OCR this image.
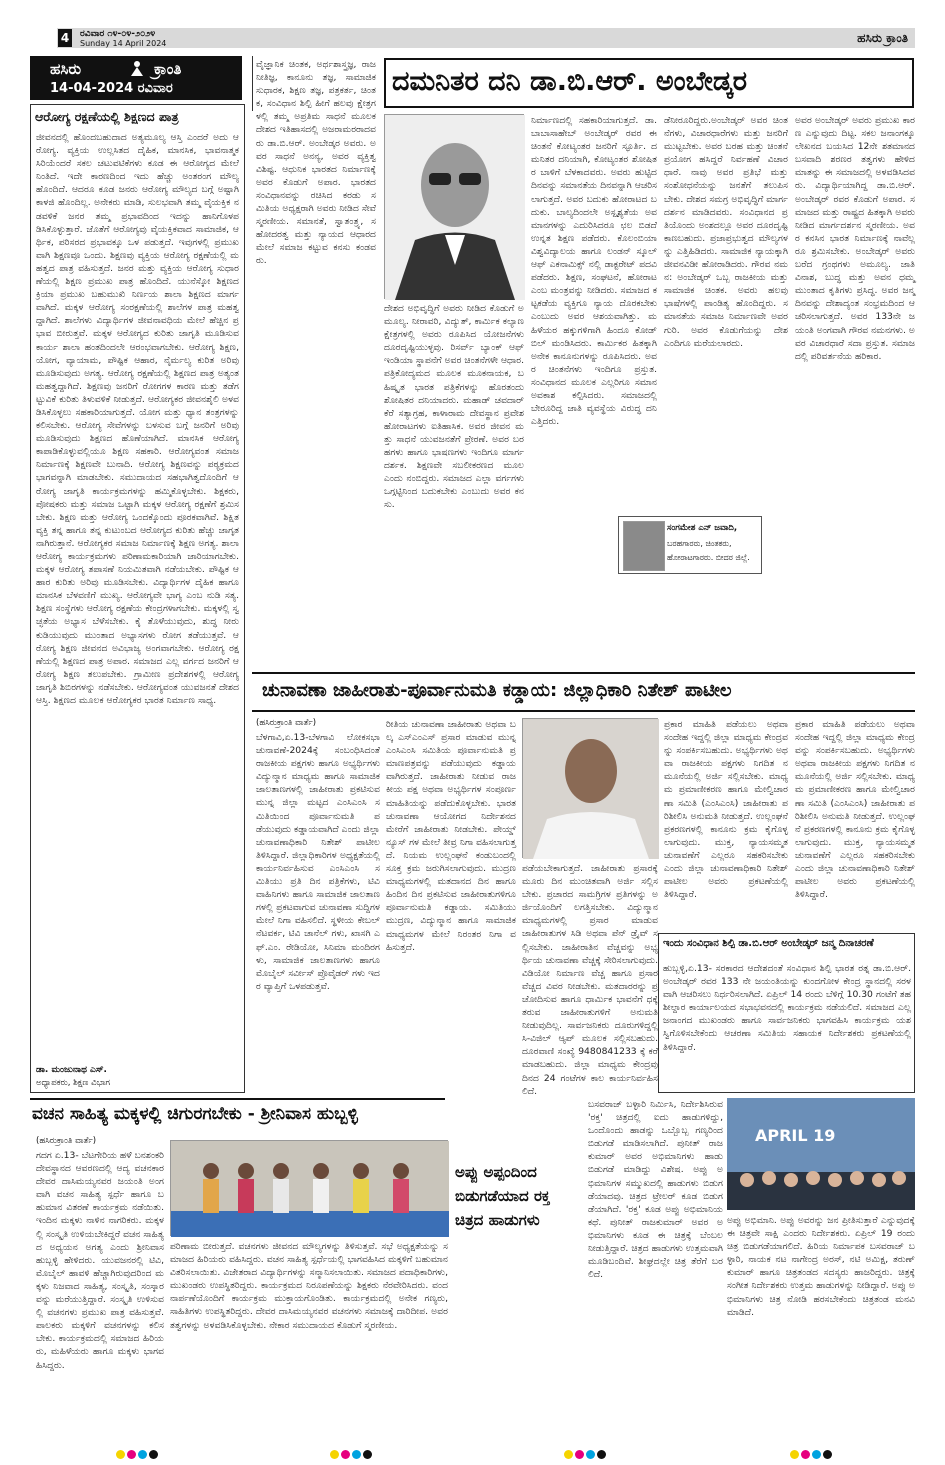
4	ರವಿವಾರ ೧೪-೦೪-೨೦೨೪
Sunday 14 April 2024	ಹಸಿರು ಕ್ರಾಂತಿ
ಹಸಿರು	ಕ್ರಾಂತಿ
14-04-2024 ರವಿವಾರ
ಆರೋಗ್ಯ ರಕ್ಷಣೆಯಲ್ಲಿ ಶಿಕ್ಷಣದ ಪಾತ್ರ
ಜೀವನದಲ್ಲಿ ಹೊಂದಬಹುದಾದ ಅತ್ಯಮೂಲ್ಯ ಆಸ್ತಿ ಎಂದರೆ ಅದು ಆರೋಗ್ಯ. ವ್ಯಕ್ತಿಯ ಉಲ್ಲಸಿತದ ದೈಹಿಕ, ಮಾನಸಿಕ, ಭಾವನಾತ್ಮಕ ಸಿರಿಯೆಂದರೆ ಸಕಲ ಚಟುವಟಿಕೆಗಳು ಕೂಡ ಈ ಆರೋಗ್ಯದ ಮೇಲೆ ನಿಂತಿದೆ. ಇದೇ ಕಾರಣದಿಂದ ಇದು ಹೆಚ್ಚು ಅಂತರಂಗ ಮೌಲ್ಯ ಹೊಂದಿದೆ. ಆದರೂ ಕೂಡ ಜನರು ಆರೋಗ್ಯ ಮೌಲ್ಯದ ಬಗ್ಗೆ ಅಷ್ಟಾಗಿ ಕಾಳಜಿ ಹೊಂದಿಲ್ಲ. ಅನೇಕರು ಮಾಡಿ, ಸುಲಭವಾಗಿ ತಮ್ಮ ವೈಯಕ್ತಿಕ ನಡವಳಿಕೆ ಜನರ ತಮ್ಮ ಪ್ರಭಾವದಿಂದ ಇದನ್ನು ಹಾನಿಗೊಳಪಡಿಸಿಕೊಳ್ಳುತ್ತಾರೆ. ಜೊತೆಗೆ ಆರೋಗ್ಯವು ವೈಯಕ್ತಿಕವಾದ ಸಾಮಾಜಿಕ, ಆರ್ಥಿಕ, ಪರಿಸರದ ಪ್ರಭಾವಕ್ಕೂ ಒಳ ಪಡುತ್ತದೆ. ಇವುಗಳಲ್ಲಿ ಪ್ರಮುಖವಾಗಿ ಶಿಕ್ಷಣವೂ ಒಂದು. ಶಿಕ್ಷಣವು ವ್ಯಕ್ತಿಯ ಆರೋಗ್ಯ ರಕ್ಷಣೆಯಲ್ಲಿ ಮಹತ್ವದ ಪಾತ್ರ ವಹಿಸುತ್ತದೆ. ಜನರ ಮತ್ತು ವ್ಯಕ್ತಿಯ ಆರೋಗ್ಯ ಸುಧಾರಣೆಯಲ್ಲಿ ಶಿಕ್ಷಣ ಪ್ರಮುಖ ಪಾತ್ರ ಹೊಂದಿದೆ. ಯುನೆಸ್ಕೋ ಶಿಕ್ಷಣದ ಕ್ರಿಯಾ ಪ್ರಮುಖ ಬಹುಮುಖಿ ನಿರ್ಣಯ ಶಾಲಾ ಶಿಕ್ಷಣದ ಮಾರ್ಗವಾಗಿದೆ. ಮಕ್ಕಳ ಆರೋಗ್ಯ ಸಂರಕ್ಷಣೆಯಲ್ಲಿ ಶಾಲೆಗಳ ಪಾತ್ರ ಮಹತ್ವದ್ದಾಗಿದೆ. ಶಾಲೆಗಳು ವಿದ್ಯಾರ್ಥಿಗಳ ಜೀವನಾವಧಿಯ ಮೇಲೆ ಹೆಚ್ಚಿನ ಪ್ರಭಾವ ಬೀರುತ್ತವೆ. ಮಕ್ಕಳ ಆರೋಗ್ಯದ ಕುರಿತು ಜಾಗೃತಿ ಮೂಡಿಸುವ ಕಾರ್ಯ ಶಾಲಾ ಹಂತದಿಂದಲೇ ಆರಂಭವಾಗಬೇಕು. ಆರೋಗ್ಯ ಶಿಕ್ಷಣ, ಯೋಗ, ವ್ಯಾಯಾಮ, ಪೌಷ್ಟಿಕ ಆಹಾರ, ನೈರ್ಮಲ್ಯ ಕುರಿತ ಅರಿವು ಮೂಡಿಸುವುದು ಅಗತ್ಯ. ಆರೋಗ್ಯ ರಕ್ಷಣೆಯಲ್ಲಿ ಶಿಕ್ಷಣದ ಪಾತ್ರ ಅತ್ಯಂತ ಮಹತ್ವದ್ದಾಗಿದೆ. ಶಿಕ್ಷಣವು ಜನರಿಗೆ ರೋಗಗಳ ಕಾರಣ ಮತ್ತು ತಡೆಗಟ್ಟುವಿಕೆ ಕುರಿತು ತಿಳುವಳಿಕೆ ನೀಡುತ್ತದೆ. ಆರೋಗ್ಯಕರ ಜೀವನಶೈಲಿ ಅಳವಡಿಸಿಕೊಳ್ಳಲು ಸಹಕಾರಿಯಾಗುತ್ತದೆ. ಯೋಗ ಮತ್ತು ಧ್ಯಾನ ತಂತ್ರಗಳನ್ನು ಕಲಿಸಬೇಕು. ಆರೋಗ್ಯ ಸೇವೆಗಳನ್ನು ಬಳಸುವ ಬಗ್ಗೆ ಜನರಿಗೆ ಅರಿವು ಮೂಡಿಸುವುದು ಶಿಕ್ಷಣದ ಹೊಣೆಯಾಗಿದೆ. ಮಾನಸಿಕ ಆರೋಗ್ಯ ಕಾಪಾಡಿಕೊಳ್ಳುವಲ್ಲಿಯೂ ಶಿಕ್ಷಣ ಸಹಕಾರಿ. ಆರೋಗ್ಯವಂತ ಸಮಾಜ ನಿರ್ಮಾಣಕ್ಕೆ ಶಿಕ್ಷಣವೇ ಬುನಾದಿ. ಆರೋಗ್ಯ ಶಿಕ್ಷಣವನ್ನು ಪಠ್ಯಕ್ರಮದ ಭಾಗವನ್ನಾಗಿ ಮಾಡಬೇಕು. ಸಮುದಾಯದ ಸಹಭಾಗಿತ್ವದೊಂದಿಗೆ ಆರೋಗ್ಯ ಜಾಗೃತಿ ಕಾರ್ಯಕ್ರಮಗಳನ್ನು ಹಮ್ಮಿಕೊಳ್ಳಬೇಕು. ಶಿಕ್ಷಕರು, ಪೋಷಕರು ಮತ್ತು ಸಮಾಜ ಒಟ್ಟಾಗಿ ಮಕ್ಕಳ ಆರೋಗ್ಯ ರಕ್ಷಣೆಗೆ ಶ್ರಮಿಸಬೇಕು. ಶಿಕ್ಷಣ ಮತ್ತು ಆರೋಗ್ಯ ಒಂದಕ್ಕೊಂದು ಪೂರಕವಾಗಿವೆ. ಶಿಕ್ಷಿತ ವ್ಯಕ್ತಿ ತನ್ನ ಹಾಗೂ ತನ್ನ ಕುಟುಂಬದ ಆರೋಗ್ಯದ ಕುರಿತು ಹೆಚ್ಚು ಜಾಗೃತನಾಗಿರುತ್ತಾನೆ. ಆರೋಗ್ಯಕರ ಸಮಾಜ ನಿರ್ಮಾಣಕ್ಕೆ ಶಿಕ್ಷಣ ಅಗತ್ಯ. ಶಾಲಾ ಆರೋಗ್ಯ ಕಾರ್ಯಕ್ರಮಗಳು ಪರಿಣಾಮಕಾರಿಯಾಗಿ ಜಾರಿಯಾಗಬೇಕು. ಮಕ್ಕಳ ಆರೋಗ್ಯ ತಪಾಸಣೆ ನಿಯಮಿತವಾಗಿ ನಡೆಯಬೇಕು. ಪೌಷ್ಟಿಕ ಆಹಾರ ಕುರಿತು ಅರಿವು ಮೂಡಿಸಬೇಕು. ವಿದ್ಯಾರ್ಥಿಗಳ ದೈಹಿಕ ಹಾಗೂ ಮಾನಸಿಕ ಬೆಳವಣಿಗೆ ಮುಖ್ಯ. ಆರೋಗ್ಯವೇ ಭಾಗ್ಯ ಎಂಬ ನುಡಿ ಸತ್ಯ. ಶಿಕ್ಷಣ ಸಂಸ್ಥೆಗಳು ಆರೋಗ್ಯ ರಕ್ಷಣೆಯ ಕೇಂದ್ರಗಳಾಗಬೇಕು. ಮಕ್ಕಳಲ್ಲಿ ಸ್ವಚ್ಛತೆಯ ಅಭ್ಯಾಸ ಬೆಳೆಸಬೇಕು. ಕೈ ತೊಳೆಯುವುದು, ಶುದ್ಧ ನೀರು ಕುಡಿಯುವುದು ಮುಂತಾದ ಅಭ್ಯಾಸಗಳು ರೋಗ ತಡೆಯುತ್ತವೆ. ಆರೋಗ್ಯ ಶಿಕ್ಷಣ ಜೀವನದ ಅವಿಭಾಜ್ಯ ಅಂಗವಾಗಬೇಕು. ಆರೋಗ್ಯ ರಕ್ಷಣೆಯಲ್ಲಿ ಶಿಕ್ಷಣದ ಪಾತ್ರ ಅಪಾರ. ಸಮಾಜದ ಎಲ್ಲ ವರ್ಗದ ಜನರಿಗೆ ಆರೋಗ್ಯ ಶಿಕ್ಷಣ ತಲುಪಬೇಕು. ಗ್ರಾಮೀಣ ಪ್ರದೇಶಗಳಲ್ಲಿ ಆರೋಗ್ಯ ಜಾಗೃತಿ ಶಿಬಿರಗಳನ್ನು ನಡೆಸಬೇಕು. ಆರೋಗ್ಯವಂತ ಯುವಜನತೆ ದೇಶದ ಆಸ್ತಿ. ಶಿಕ್ಷಣದ ಮೂಲಕ ಆರೋಗ್ಯಕರ ಭಾರತ ನಿರ್ಮಾಣ ಸಾಧ್ಯ.
ಡಾ. ಮಂಜುನಾಥ ಎಸ್.
ಅಧ್ಯಾಪಕರು, ಶಿಕ್ಷಣ ವಿಭಾಗ
ವೈಜ್ಞಾನಿಕ ಚಿಂತಕ, ಅರ್ಥಶಾಸ್ತ್ರಜ್ಞ, ರಾಜನೀತಿಜ್ಞ, ಕಾನೂನು ತಜ್ಞ, ಸಾಮಾಜಿಕ ಸುಧಾರಕ, ಶಿಕ್ಷಣ ತಜ್ಞ, ಪತ್ರಕರ್ತ, ಚಿಂತಕ, ಸಂವಿಧಾನ ಶಿಲ್ಪಿ ಹೀಗೆ ಹಲವು ಕ್ಷೇತ್ರಗಳಲ್ಲಿ ತಮ್ಮ ಅಪ್ರತಿಮ ಸಾಧನೆ ಮೂಲಕ ದೇಶದ ಇತಿಹಾಸದಲ್ಲಿ ಅಜರಾಮರರಾದವರು ಡಾ.ಬಿ.ಆರ್. ಅಂಬೇಡ್ಕರ ಅವರು. ಅವರ ಸಾಧನೆ ಅನನ್ಯ, ಅವರ ವ್ಯಕ್ತಿತ್ವ ವಿಶಿಷ್ಟ. ಆಧುನಿಕ ಭಾರತದ ನಿರ್ಮಾಣಕ್ಕೆ ಅವರ ಕೊಡುಗೆ ಅಪಾರ. ಭಾರತದ ಸಂವಿಧಾನವನ್ನು ರಚಿಸಿದ ಕರಡು ಸಮಿತಿಯ ಅಧ್ಯಕ್ಷರಾಗಿ ಅವರು ನೀಡಿದ ಸೇವೆ ಸ್ಮರಣೀಯ. ಸಮಾನತೆ, ಸ್ವಾತಂತ್ರ್ಯ, ಸಹೋದರತ್ವ ಮತ್ತು ನ್ಯಾಯದ ಆಧಾರದ ಮೇಲೆ ಸಮಾಜ ಕಟ್ಟುವ ಕನಸು ಕಂಡವರು.
ದಮನಿತರ ದನಿ ಡಾ.ಬಿ.ಆರ್. ಅಂಬೇಡ್ಕರ
ನಿರ್ಮಾಣದಲ್ಲಿ ಸಹಕಾರಿಯಾಗುತ್ತದೆ. ಡಾ. ಬಾಬಾಸಾಹೇಬ್ ಅಂಬೇಡ್ಕರ್ ರವರ ಈ ಚಿಂತನೆ ಕೋಟ್ಯಂತರ ಜನರಿಗೆ ಸ್ಫೂರ್ತಿ. ದಮನಿತರ ದನಿಯಾಗಿ, ಕೋಟ್ಯಂತರ ಶೋಷಿತರ ಬಾಳಿಗೆ ಬೆಳಕಾದವರು. ಅವರು ಹುಟ್ಟಿದ ದಿನವನ್ನು ಸಮಾನತೆಯ ದಿನವನ್ನಾಗಿ ಆಚರಿಸಲಾಗುತ್ತದೆ. ಅವರ ಬದುಕು ಹೋರಾಟದ ಬದುಕು. ಬಾಲ್ಯದಿಂದಲೇ ಅಸ್ಪೃಶ್ಯತೆಯ ಅವಮಾನಗಳನ್ನು ಎದುರಿಸಿದರೂ ಛಲ ಬಿಡದೆ ಉನ್ನತ ಶಿಕ್ಷಣ ಪಡೆದರು. ಕೊಲಂಬಿಯಾ ವಿಶ್ವವಿದ್ಯಾಲಯ ಹಾಗೂ ಲಂಡನ್ ಸ್ಕೂಲ್ ಆಫ್ ಎಕನಾಮಿಕ್ಸ್ ನಲ್ಲಿ ಡಾಕ್ಟರೇಟ್ ಪದವಿ ಪಡೆದರು. ಶಿಕ್ಷಣ, ಸಂಘಟನೆ, ಹೋರಾಟ ಎಂಬ ಮಂತ್ರವನ್ನು ನೀಡಿದರು. ಸಮಾಜದ ಕಟ್ಟಕಡೆಯ ವ್ಯಕ್ತಿಗೂ ನ್ಯಾಯ ದೊರಕಬೇಕು ಎಂಬುದು ಅವರ ಆಶಯವಾಗಿತ್ತು. ಮಹಿಳೆಯರ ಹಕ್ಕುಗಳಿಗಾಗಿ ಹಿಂದೂ ಕೋಡ್ ಬಿಲ್ ಮಂಡಿಸಿದರು. ಕಾರ್ಮಿಕರ ಹಿತಕ್ಕಾಗಿ ಅನೇಕ ಕಾನೂನುಗಳನ್ನು ರೂಪಿಸಿದರು. ಅವರ ಚಿಂತನೆಗಳು ಇಂದಿಗೂ ಪ್ರಸ್ತುತ. ಸಂವಿಧಾನದ ಮೂಲಕ ಎಲ್ಲರಿಗೂ ಸಮಾನ ಅವಕಾಶ ಕಲ್ಪಿಸಿದರು. ಸಮಾಜದಲ್ಲಿ ಬೇರೂರಿದ್ದ ಜಾತಿ ವ್ಯವಸ್ಥೆಯ ವಿರುದ್ಧ ದನಿ ಎತ್ತಿದರು.
ದೇಶದ ಅಭಿವೃದ್ಧಿಗೆ ಅವರು ನೀಡಿದ ಕೊಡುಗೆ ಅಮೂಲ್ಯ. ನೀರಾವರಿ, ವಿದ್ಯುತ್, ಕಾರ್ಮಿಕ ಕಲ್ಯಾಣ ಕ್ಷೇತ್ರಗಳಲ್ಲಿ ಅವರು ರೂಪಿಸಿದ ಯೋಜನೆಗಳು ದೂರದೃಷ್ಟಿಯುಳ್ಳವು. ರಿಸರ್ವ್ ಬ್ಯಾಂಕ್ ಆಫ್ ಇಂಡಿಯಾ ಸ್ಥಾಪನೆಗೆ ಅವರ ಚಿಂತನೆಗಳೇ ಆಧಾರ. ಪತ್ರಿಕೋದ್ಯಮದ ಮೂಲಕ ಮೂಕನಾಯಕ, ಬಹಿಷ್ಕೃತ ಭಾರತ ಪತ್ರಿಕೆಗಳನ್ನು ಹೊರತಂದು ಶೋಷಿತರ ದನಿಯಾದರು. ಮಹಾಡ್ ಚವದಾರ್ ಕೆರೆ ಸತ್ಯಾಗ್ರಹ, ಕಾಳಾರಾಮ ದೇವಸ್ಥಾನ ಪ್ರವೇಶ ಹೋರಾಟಗಳು ಐತಿಹಾಸಿಕ. ಅವರ ಜೀವನ ಮತ್ತು ಸಾಧನೆ ಯುವಜನತೆಗೆ ಪ್ರೇರಣೆ. ಅವರ ಬರಹಗಳು ಹಾಗೂ ಭಾಷಣಗಳು ಇಂದಿಗೂ ಮಾರ್ಗದರ್ಶಕ. ಶಿಕ್ಷಣವೇ ಸಬಲೀಕರಣದ ಮೂಲ ಎಂದು ನಂಬಿದ್ದರು. ಸಮಾಜದ ಎಲ್ಲಾ ವರ್ಗಗಳು ಒಗ್ಗಟ್ಟಿನಿಂದ ಬದುಕಬೇಕು ಎಂಬುದು ಅವರ ಕನಸು.
ಡೆನೀರೂರಿದ್ದರು.ಅಂಬೇಡ್ಕರ್ ಅವರ ಚಿಂತನೆಗಳು, ವಿಚಾರಧಾರೆಗಳು ಮತ್ತು ಜನರಿಗೆ ಮುಟ್ಟಬೇಕು. ಅವರ ಬರಹ ಮತ್ತು ಚಿಂತನೆ ಪ್ರಯೋಗ ಹಸಿದ್ದರೆ ನಿರ್ವಹಣೆ ವಿಚಾರಧಾರೆ. ನಾವು ಅವರ ಪ್ರತಿಭೆ ಮತ್ತು ಸಂಶೋಧನೆಯನ್ನು ಜನತೆಗೆ ತಲುಪಿಸಬೇಕು. ದೇಶದ ಸಮಗ್ರ ಅಭಿವೃದ್ಧಿಗೆ ಮಾರ್ಗದರ್ಶನ ಮಾಡಿದವರು. ಸಂವಿಧಾನದ ಪ್ರತಿಯೊಂದು ಅಂಶದಲ್ಲೂ ಅವರ ದೂರದೃಷ್ಟಿ ಕಾಣಬಹುದು. ಪ್ರಜಾಪ್ರಭುತ್ವದ ಮೌಲ್ಯಗಳನ್ನು ಎತ್ತಿಹಿಡಿದರು. ಸಾಮಾಜಿಕ ನ್ಯಾಯಕ್ಕಾಗಿ ಜೀವನವಿಡೀ ಹೋರಾಡಿದರು. ಗೌರವ ನಮನ: ಅಂಬೇಡ್ಕರ್ ಒಬ್ಬ ರಾಜಕೀಯ ಮತ್ತು ಸಾಮಾಜಿಕ ಚಿಂತಕ. ಅವರು ಹಲವು ಭಾಷೆಗಳಲ್ಲಿ ಪಾಂಡಿತ್ಯ ಹೊಂದಿದ್ದರು. ಸಮಾನತೆಯ ಸಮಾಜ ನಿರ್ಮಾಣವೇ ಅವರ ಗುರಿ. ಅವರ ಕೊಡುಗೆಯನ್ನು ದೇಶ ಎಂದಿಗೂ ಮರೆಯಲಾರದು.
ಅವರ ಅಂಬೇಡ್ಕರ್ ಅವರು ಪ್ರಮುಖ ಕಾರಣ ಎನ್ನುವುದು ದಿಟ್ಟ. ಸಕಲ ಜನಾಂಗಕ್ಕೂ ಲೇಖನದ ಬಯಸಿದ 12ನೇ ಶತಮಾನದ ಬಸವಾದಿ ಶರಣರ ತತ್ವಗಳು ಹೇಳಿದ ಮಾತನ್ನು ಈ ಸಮಾಜದಲ್ಲಿ ಅಳವಡಿಸಿದವರು. ವಿದ್ಯಾರ್ಥಿಯಾಗಿದ್ದ ಡಾ.ಬಿ.ಆರ್. ಅಂಬೇಡ್ಕರ್ ರವರ ಕೊಡುಗೆ ಅಪಾರ. ಸಮಾಜದ ಮತ್ತು ರಾಷ್ಟ್ರದ ಹಿತಕ್ಕಾಗಿ ಅವರು ನೀಡಿದ ಮಾರ್ಗದರ್ಶನ ಸ್ಮರಣೀಯ. ಅವರ ಕನಸಿನ ಭಾರತ ನಿರ್ಮಾಣಕ್ಕೆ ನಾವೆಲ್ಲರೂ ಶ್ರಮಿಸಬೇಕು. ಅಂಬೇಡ್ಕರ್ ಅವರು ಬರೆದ ಗ್ರಂಥಗಳು ಅಮೂಲ್ಯ. ಜಾತಿ ವಿನಾಶ, ಬುದ್ಧ ಮತ್ತು ಅವನ ಧಮ್ಮ ಮುಂತಾದ ಕೃತಿಗಳು ಪ್ರಸಿದ್ಧ. ಅವರ ಜನ್ಮದಿನವನ್ನು ದೇಶಾದ್ಯಂತ ಸಂಭ್ರಮದಿಂದ ಆಚರಿಸಲಾಗುತ್ತದೆ. ಅವರ 133ನೇ ಜಯಂತಿ ಅಂಗವಾಗಿ ಗೌರವ ನಮನಗಳು. ಅವರ ವಿಚಾರಧಾರೆ ಸದಾ ಪ್ರಸ್ತುತ. ಸಮಾಜದಲ್ಲಿ ಪರಿವರ್ತನೆಯ ಹರಿಕಾರ.
ಸಂಗಮೇಶ ಎನ್ ಜವಾದಿ,
ಬರಹಗಾರರು, ಚಿಂತಕರು,
ಹೋರಾಟಗಾರರು. ಬೀದರ ಜಿಲ್ಲೆ.
ಚುನಾವಣಾ ಜಾಹೀರಾತು-ಪೂರ್ವಾನುಮತಿ ಕಡ್ಡಾಯ: ಜಿಲ್ಲಾಧಿಕಾರಿ ನಿತೇಶ್ ಪಾಟೀಲ
(ಹಸಿರುಕ್ರಾಂತಿ ವಾರ್ತೆ)
ಬೆಳಗಾವಿ,ಏ.13-ಬೆಳಗಾವಿ ಲೋಕಸಭಾ ಚುನಾವಣೆ-2024ಕ್ಕೆ ಸಂಬಂಧಿಸಿದಂತೆ ರಾಜಕೀಯ ಪಕ್ಷಗಳು ಹಾಗೂ ಅಭ್ಯರ್ಥಿಗಳು ವಿದ್ಯುನ್ಮಾನ ಮಾಧ್ಯಮ ಹಾಗೂ ಸಾಮಾಜಿಕ ಜಾಲತಾಣಗಳಲ್ಲಿ ಜಾಹೀರಾತು ಪ್ರಕಟಿಸುವ ಮುನ್ನ ಜಿಲ್ಲಾ ಮಟ್ಟದ ಎಂಸಿಎಂಸಿ ಸಮಿತಿಯಿಂದ ಪೂರ್ವಾನುಮತಿ ಪಡೆಯುವುದು ಕಡ್ಡಾಯವಾಗಿದೆ ಎಂದು ಜಿಲ್ಲಾ ಚುನಾವಣಾಧಿಕಾರಿ ನಿತೇಶ್ ಪಾಟೀಲ ತಿಳಿಸಿದ್ದಾರೆ. ಜಿಲ್ಲಾಧಿಕಾರಿಗಳ ಅಧ್ಯಕ್ಷತೆಯಲ್ಲಿ ಕಾರ್ಯನಿರ್ವಹಿಸುವ ಎಂಸಿಎಂಸಿ ಸಮಿತಿಯು ಪ್ರತಿ ದಿನ ಪತ್ರಿಕೆಗಳು, ಟಿವಿ ವಾಹಿನಿಗಳು ಹಾಗೂ ಸಾಮಾಜಿಕ ಜಾಲತಾಣಗಳಲ್ಲಿ ಪ್ರಕಟವಾಗುವ ಚುನಾವಣಾ ಸುದ್ದಿಗಳ ಮೇಲೆ ನಿಗಾ ವಹಿಸಲಿದೆ. ಸ್ಥಳೀಯ ಕೇಬಲ್ ನೆಟವರ್ಕ, ಟಿವಿ ಚಾನೆಲ್ ಗಳು, ಖಾಸಗಿ ಎಫ್.ಎಂ. ರೇಡಿಯೋ, ಸಿನಿಮಾ ಮಂದಿರಗಳು, ಸಾಮಾಜಿಕ ಜಾಲತಾಣಗಳು ಹಾಗೂ ಮೊಬೈಲ್ ಸರ್ವೀಸ್ ಪ್ರೊವೈಡರ್ ಗಳು ಇದರ ವ್ಯಾಪ್ತಿಗೆ ಒಳಪಡುತ್ತವೆ.
ರೀತಿಯ ಚುನಾವಣಾ ಜಾಹೀರಾತು ಅಥವಾ ಬಲ್ಕ ಎಸ್ಎಂಎಸ್ ಪ್ರಸಾರ ಮಾಡುವ ಮುನ್ನ ಎಂಸಿಎಂಸಿ ಸಮಿತಿಯ ಪೂರ್ವಾನುಮತಿ ಪ್ರಮಾಣಪತ್ರವನ್ನು ಪಡೆಯುವುದು ಕಡ್ಡಾಯವಾಗಿರುತ್ತದೆ. ಜಾಹೀರಾತು ನೀಡುವ ರಾಜಕೀಯ ಪಕ್ಷ ಅಥವಾ ಅಭ್ಯರ್ಥಿಗಳ ಸಂಪೂರ್ಣ ಮಾಹಿತಿಯನ್ನು ಪಡೆದುಕೊಳ್ಳಬೇಕು. ಭಾರತ ಚುನಾವಣಾ ಆಯೋಗದ ನಿರ್ದೇಶನದ ಮೇರೆಗೆ ಜಾಹೀರಾತು ನೀಡಬೇಕು. ಪೇಯ್ಡ್ ನ್ಯೂಸ್ ಗಳ ಮೇಲೆ ತೀವ್ರ ನಿಗಾ ವಹಿಸಲಾಗುತ್ತದೆ. ನಿಯಮ ಉಲ್ಲಂಘನೆ ಕಂಡುಬಂದಲ್ಲಿ ಸೂಕ್ತ ಕ್ರಮ ಜರುಗಿಸಲಾಗುವುದು. ಮುದ್ರಣ ಮಾಧ್ಯಮಗಳಲ್ಲಿ ಮತದಾನದ ದಿನ ಹಾಗೂ ಹಿಂದಿನ ದಿನ ಪ್ರಕಟಿಸುವ ಜಾಹೀರಾತುಗಳಿಗೂ ಪೂರ್ವಾನುಮತಿ ಕಡ್ಡಾಯ. ಸಮಿತಿಯು ಮುದ್ರಣ, ವಿದ್ಯುನ್ಮಾನ ಹಾಗೂ ಸಾಮಾಜಿಕ ಮಾಧ್ಯಮಗಳ ಮೇಲೆ ನಿರಂತರ ನಿಗಾ ವಹಿಸುತ್ತದೆ.
ಪಡೆಯಬೇಕಾಗುತ್ತದೆ. ಜಾಹೀರಾತು ಪ್ರಸಾರಕ್ಕೆ ಮೂರು ದಿನ ಮುಂಚಿತವಾಗಿ ಅರ್ಜಿ ಸಲ್ಲಿಸಬೇಕು. ಪ್ರಚಾರದ ಸಾಮಗ್ರಿಗಳ ಪ್ರತಿಗಳನ್ನು ಅರ್ಜಿಯೊಂದಿಗೆ ಲಗತ್ತಿಸಬೇಕು. ವಿದ್ಯುನ್ಮಾನ ಮಾಧ್ಯಮಗಳಲ್ಲಿ ಪ್ರಸಾರ ಮಾಡುವ ಜಾಹೀರಾತುಗಳ ಸಿಡಿ ಅಥವಾ ಪೆನ್ ಡ್ರೈವ್ ಸಲ್ಲಿಸಬೇಕು. ಜಾಹೀರಾತಿನ ವೆಚ್ಚವನ್ನು ಅಭ್ಯರ್ಥಿಯ ಚುನಾವಣಾ ವೆಚ್ಚಕ್ಕೆ ಸೇರಿಸಲಾಗುವುದು. ವಿಡಿಯೋ ನಿರ್ಮಾಣ ವೆಚ್ಚ ಹಾಗೂ ಪ್ರಸಾರ ವೆಚ್ಚದ ವಿವರ ನೀಡಬೇಕು. ಮತದಾರರನ್ನು ಪ್ರಚೋದಿಸುವ ಹಾಗೂ ಧಾರ್ಮಿಕ ಭಾವನೆಗೆ ಧಕ್ಕೆ ತರುವ ಜಾಹೀರಾತುಗಳಿಗೆ ಅನುಮತಿ ನೀಡುವುದಿಲ್ಲ. ಸಾರ್ವಜನಿಕರು ದೂರುಗಳಿದ್ದಲ್ಲಿ ಸಿ-ವಿಜಿಲ್ ಆ್ಯಪ್ ಮೂಲಕ ಸಲ್ಲಿಸಬಹುದು. ದೂರವಾಣಿ ಸಂಖ್ಯೆ 9480841233 ಕ್ಕೆ ಕರೆ ಮಾಡಬಹುದು. ಜಿಲ್ಲಾ ಮಾಧ್ಯಮ ಕೇಂದ್ರವು ದಿನದ 24 ಗಂಟೆಗಳ ಕಾಲ ಕಾರ್ಯನಿರ್ವಹಿಸಲಿದೆ.
ಪ್ರಕಾರ ಮಾಹಿತಿ ಪಡೆಯಲು ಅಥವಾ ಸಂದೇಹ ಇದ್ದಲ್ಲಿ ಜಿಲ್ಲಾ ಮಾಧ್ಯಮ ಕೇಂದ್ರವನ್ನು ಸಂಪರ್ಕಿಸಬಹುದು. ಅಭ್ಯರ್ಥಿಗಳು ಅಥವಾ ರಾಜಕೀಯ ಪಕ್ಷಗಳು ನಿಗದಿತ ನಮೂನೆಯಲ್ಲಿ ಅರ್ಜಿ ಸಲ್ಲಿಸಬೇಕು. ಮಾಧ್ಯಮ ಪ್ರಮಾಣೀಕರಣ ಹಾಗೂ ಮೇಲ್ವಿಚಾರಣಾ ಸಮಿತಿ (ಎಂಸಿಎಂಸಿ) ಜಾಹೀರಾತು ಪರಿಶೀಲಿಸಿ ಅನುಮತಿ ನೀಡುತ್ತದೆ. ಉಲ್ಲಂಘನೆ ಪ್ರಕರಣಗಳಲ್ಲಿ ಕಾನೂನು ಕ್ರಮ ಕೈಗೊಳ್ಳಲಾಗುವುದು. ಮುಕ್ತ, ನ್ಯಾಯಸಮ್ಮತ ಚುನಾವಣೆಗೆ ಎಲ್ಲರೂ ಸಹಕರಿಸಬೇಕು ಎಂದು ಜಿಲ್ಲಾ ಚುನಾವಣಾಧಿಕಾರಿ ನಿತೇಶ್ ಪಾಟೀಲ ಅವರು ಪ್ರಕಟಣೆಯಲ್ಲಿ ತಿಳಿಸಿದ್ದಾರೆ.
ಪ್ರಕಾರ ಮಾಹಿತಿ ಪಡೆಯಲು ಅಥವಾ ಸಂದೇಹ ಇದ್ದಲ್ಲಿ ಜಿಲ್ಲಾ ಮಾಧ್ಯಮ ಕೇಂದ್ರವನ್ನು ಸಂಪರ್ಕಿಸಬಹುದು. ಅಭ್ಯರ್ಥಿಗಳು ಅಥವಾ ರಾಜಕೀಯ ಪಕ್ಷಗಳು ನಿಗದಿತ ನಮೂನೆಯಲ್ಲಿ ಅರ್ಜಿ ಸಲ್ಲಿಸಬೇಕು. ಮಾಧ್ಯಮ ಪ್ರಮಾಣೀಕರಣ ಹಾಗೂ ಮೇಲ್ವಿಚಾರಣಾ ಸಮಿತಿ (ಎಂಸಿಎಂಸಿ) ಜಾಹೀರಾತು ಪರಿಶೀಲಿಸಿ ಅನುಮತಿ ನೀಡುತ್ತದೆ. ಉಲ್ಲಂಘನೆ ಪ್ರಕರಣಗಳಲ್ಲಿ ಕಾನೂನು ಕ್ರಮ ಕೈಗೊಳ್ಳಲಾಗುವುದು. ಮುಕ್ತ, ನ್ಯಾಯಸಮ್ಮತ ಚುನಾವಣೆಗೆ ಎಲ್ಲರೂ ಸಹಕರಿಸಬೇಕು ಎಂದು ಜಿಲ್ಲಾ ಚುನಾವಣಾಧಿಕಾರಿ ನಿತೇಶ್ ಪಾಟೀಲ ಅವರು ಪ್ರಕಟಣೆಯಲ್ಲಿ ತಿಳಿಸಿದ್ದಾರೆ.
ಇಂದು ಸಂವಿಧಾನ ಶಿಲ್ಪಿ ಡಾ.ಬಿ.ಆರ್ ಅಂಬೇಡ್ಕರ್ ಜನ್ಮ ದಿನಾಚರಣೆ
ಹುಬ್ಬಳ್ಳಿ,ಏ.13- ಸರಕಾರದ ಆದೇಶದಂತೆ ಸಂವಿಧಾನ ಶಿಲ್ಪಿ ಭಾರತ ರತ್ನ ಡಾ.ಬಿ.ಆರ್. ಅಂಬೇಡ್ಕರ್ ರವರ 133 ನೇ ಜಯಂತಿಯನ್ನು ಕುಂದಗೋಳ ಕೇಂದ್ರ ಸ್ಥಾನದಲ್ಲಿ ಸರಳವಾಗಿ ಆಚರಿಸಲು ನಿರ್ಧರಿಸಲಾಗಿದೆ. ಏಪ್ರಿಲ್ 14 ರಂದು ಬೆಳಿಗ್ಗೆ 10.30 ಗಂಟೆಗೆ ತಹಶೀಲ್ದಾರ ಕಾರ್ಯಾಲಯದ ಸಭಾಭವನದಲ್ಲಿ ಕಾರ್ಯಕ್ರಮ ನಡೆಯಲಿದೆ. ಸಮಾಜದ ಎಲ್ಲ ಜನಾಂಗದ ಮುಖಂಡರು ಹಾಗೂ ಸಾರ್ವಜನಿಕರು ಭಾಗವಹಿಸಿ ಕಾರ್ಯಕ್ರಮ ಯಶಸ್ವಿಗೊಳಿಸಬೇಕೆಂದು ಆಚರಣಾ ಸಮಿತಿಯ ಸಹಾಯಕ ನಿರ್ದೇಶಕರು ಪ್ರಕಟಣೆಯಲ್ಲಿ ತಿಳಿಸಿದ್ದಾರೆ.
ವಚನ ಸಾಹಿತ್ಯ ಮಕ್ಕಳಲ್ಲಿ ಚಿಗುರಗಬೇಕು - ಶ್ರೀನಿವಾಸ ಹುಬ್ಬಳ್ಳಿ
(ಹಸಿರುಕ್ರಾಂತಿ ವಾರ್ತೆ)
ಗದಗ ಏ.13- ಬೆಟಗೇರಿಯ ಹಳೆ ಬನಶಂಕರಿ ದೇವಸ್ಥಾನದ ಆವರಣದಲ್ಲಿ ಆದ್ಯ ವಚನಕಾರ ದೇವರ ದಾಸಿಮಯ್ಯನವರ ಜಯಂತಿ ಅಂಗವಾಗಿ ವಚನ ಸಾಹಿತ್ಯ ಸ್ಪರ್ಧೆ ಹಾಗೂ ಬಹುಮಾನ ವಿತರಣೆ ಕಾರ್ಯಕ್ರಮ ನಡೆಯಿತು. ಇಂದಿನ ಮಕ್ಕಳು ನಾಳಿನ ನಾಗರಿಕರು. ಮಕ್ಕಳಲ್ಲಿ ಸಂಸ್ಕೃತಿ ಉಳಿಯಬೇಕಿದ್ದರೆ ವಚನ ಸಾಹಿತ್ಯದ ಅಧ್ಯಯನ ಅಗತ್ಯ ಎಂದು ಶ್ರೀನಿವಾಸ ಹುಬ್ಬಳ್ಳಿ ಹೇಳಿದರು. ಯುವಜನರಲ್ಲಿ ಟಿವಿ, ಮೊಬೈಲ್ ಹಾವಳಿ ಹೆಚ್ಚಾಗಿರುವುದರಿಂದ ಮಕ್ಕಳು ನಿಜವಾದ ಸಾಹಿತ್ಯ, ಸಂಸ್ಕೃತಿ, ಸಂಸ್ಕಾರವನ್ನು ಮರೆಯುತ್ತಿದ್ದಾರೆ. ಸಂಸ್ಕೃತಿ ಉಳಿಸುವಲ್ಲಿ ವಚನಗಳು ಪ್ರಮುಖ ಪಾತ್ರ ವಹಿಸುತ್ತವೆ. ಪಾಲಕರು ಮಕ್ಕಳಿಗೆ ವಚನಗಳನ್ನು ಕಲಿಸಬೇಕು. ಕಾರ್ಯಕ್ರಮದಲ್ಲಿ ಸಮಾಜದ ಹಿರಿಯರು, ಮಹಿಳೆಯರು ಹಾಗೂ ಮಕ್ಕಳು ಭಾಗವಹಿಸಿದ್ದರು.
ಪರಿಣಾಮ ಬೀರುತ್ತದೆ. ವಚನಗಳು ಜೀವನದ ಮೌಲ್ಯಗಳನ್ನು ತಿಳಿಸುತ್ತವೆ. ಸಭೆ ಅಧ್ಯಕ್ಷತೆಯನ್ನು ಸಮಾಜದ ಹಿರಿಯರು ವಹಿಸಿದ್ದರು. ವಚನ ಸಾಹಿತ್ಯ ಸ್ಪರ್ಧೆಯಲ್ಲಿ ಭಾಗವಹಿಸಿದ ಮಕ್ಕಳಿಗೆ ಬಹುಮಾನ ವಿತರಿಸಲಾಯಿತು. ವಿಜೇತರಾದ ವಿದ್ಯಾರ್ಥಿಗಳನ್ನು ಸನ್ಮಾನಿಸಲಾಯಿತು. ಸಮಾಜದ ಪದಾಧಿಕಾರಿಗಳು, ಮುಖಂಡರು ಉಪಸ್ಥಿತರಿದ್ದರು. ಕಾರ್ಯಕ್ರಮದ ನಿರೂಪಣೆಯನ್ನು ಶಿಕ್ಷಕರು ನೆರವೇರಿಸಿದರು. ವಂದನಾರ್ಪಣೆಯೊಂದಿಗೆ ಕಾರ್ಯಕ್ರಮ ಮುಕ್ತಾಯಗೊಂಡಿತು. ಕಾರ್ಯಕ್ರಮದಲ್ಲಿ ಅನೇಕ ಗಣ್ಯರು, ಸಾಹಿತಿಗಳು ಉಪಸ್ಥಿತರಿದ್ದರು. ದೇವರ ದಾಸಿಮಯ್ಯನವರ ವಚನಗಳು ಸಮಾಜಕ್ಕೆ ದಾರಿದೀಪ. ಅವರ ತತ್ವಗಳನ್ನು ಅಳವಡಿಸಿಕೊಳ್ಳಬೇಕು. ನೇಕಾರ ಸಮುದಾಯದ ಕೊಡುಗೆ ಸ್ಮರಣೀಯ.
ಬಸವರಾಜ್ ಬಳ್ಳಾರಿ ನಿರ್ಮಿಸಿ, ನಿರ್ದೇಶಿಸಿರುವ 'ರಕ್ತ' ಚಿತ್ರದಲ್ಲಿ ಐದು ಹಾಡುಗಳಿದ್ದು, ಒಂದೊಂದು ಹಾಡನ್ನು ಒಬ್ಬೊಬ್ಬ ಗಣ್ಯರಿಂದ ಬಿಡುಗಡೆ ಮಾಡಿಸಲಾಗಿದೆ. ಪುನೀತ್ ರಾಜಕುಮಾರ್ ಅವರ ಅಭಿಮಾನಿಗಳು ಹಾಡು ಬಿಡುಗಡೆ ಮಾಡಿದ್ದು ವಿಶೇಷ. ಅಪ್ಪು ಅಭಿಮಾನಿಗಳ ಸಮ್ಮುಖದಲ್ಲಿ ಹಾಡುಗಳು ಬಿಡುಗಡೆಯಾದವು. ಚಿತ್ರದ ಟ್ರೇಲರ್ ಕೂಡ ಬಿಡುಗಡೆಯಾಗಿದೆ. 'ರಕ್ತ' ಕೂಡ ಅಪ್ಪು ಅಭಿಮಾನಿಯ ಕಥೆ. ಪುನೀತ್ ರಾಜಕುಮಾರ್ ಅವರ ಅಭಿಮಾನಿಗಳು ಕೂಡ ಈ ಚಿತ್ರಕ್ಕೆ ಬೆಂಬಲ ನೀಡುತ್ತಿದ್ದಾರೆ. ಚಿತ್ರದ ಹಾಡುಗಳು ಉತ್ತಮವಾಗಿ ಮೂಡಿಬಂದಿವೆ. ಶೀಘ್ರದಲ್ಲೇ ಚಿತ್ರ ತೆರೆಗೆ ಬರಲಿದೆ.
ಅಪ್ಪು ಅಪ್ಪಂದಿಂದ ಬಿಡುಗಡೆಯಾದ ರಕ್ತ ಚಿತ್ರದ ಹಾಡುಗಳು
APRIL 19
ಅಪ್ಪು ಅಭಿಮಾನಿ. ಅಪ್ಪು ಅವರನ್ನು ಜನ ಪ್ರೀತಿಸುತ್ತಾರೆ ಎನ್ನುವುದಕ್ಕೆ ಈ ಚಿತ್ರವೇ ಸಾಕ್ಷಿ ಎಂದರು ನಿರ್ದೇಶಕರು. ಏಪ್ರಿಲ್ 19 ರಂದು ಚಿತ್ರ ಬಿಡುಗಡೆಯಾಗಲಿದೆ. ಹಿರಿಯ ನಿರ್ಮಾಪಕ ಬಸವರಾಜ್ ಬಳ್ಳಾರಿ, ನಾಯಕ ನಟ ನಾಗೇಂದ್ರ ಅರಸ್, ನಟಿ ಅಮಿಕ್ಷ, ತರುಣ್ ಕುಮಾರ್ ಹಾಗೂ ಚಿತ್ರತಂಡದ ಸದಸ್ಯರು ಹಾಜರಿದ್ದರು. ಚಿತ್ರಕ್ಕೆ ಸಂಗೀತ ನಿರ್ದೇಶಕರು ಉತ್ತಮ ಹಾಡುಗಳನ್ನು ನೀಡಿದ್ದಾರೆ. ಅಪ್ಪು ಅಭಿಮಾನಿಗಳು ಚಿತ್ರ ನೋಡಿ ಹರಸಬೇಕೆಂದು ಚಿತ್ರತಂಡ ಮನವಿ ಮಾಡಿದೆ.
